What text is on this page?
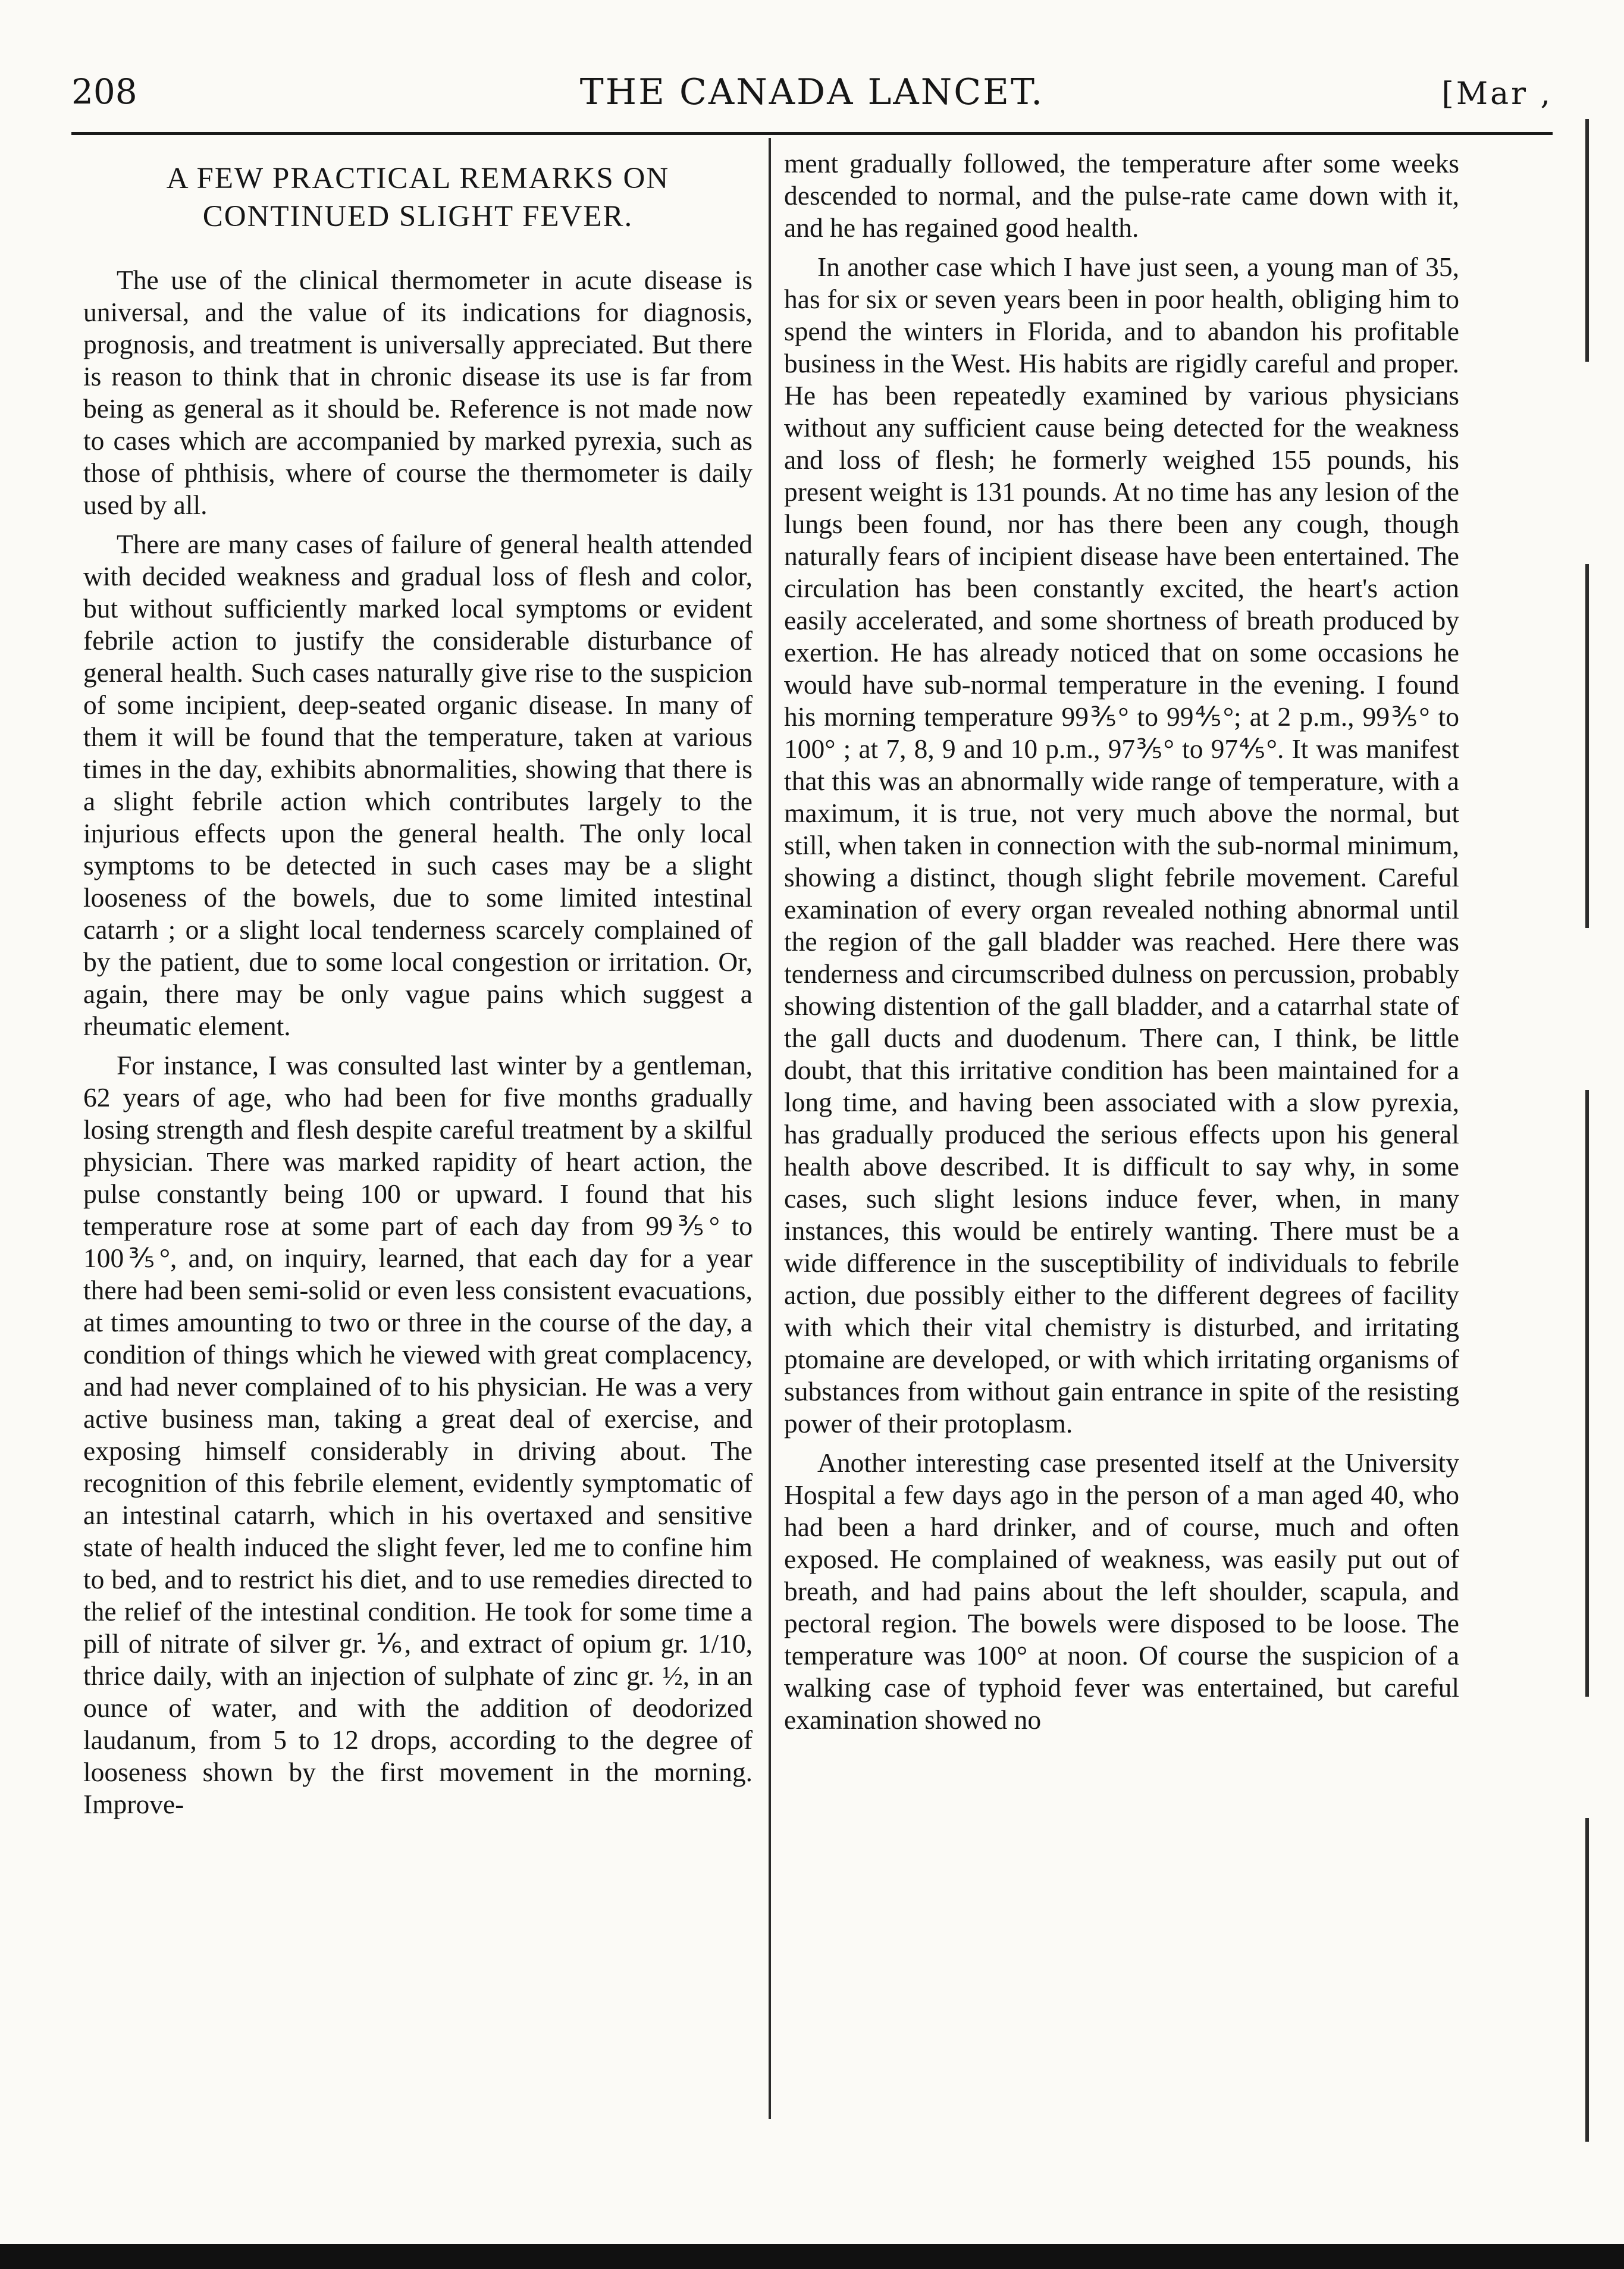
208	THE CANADA LANCET.	[Mar ,
A FEW PRACTICAL REMARKS ON CONTINUED SLIGHT FEVER.

The use of the clinical thermometer in acute disease is universal, and the value of its indications for diagnosis, prognosis, and treatment is universally appreciated. But there is reason to think that in chronic disease its use is far from being as general as it should be. Reference is not made now to cases which are accompanied by marked pyrexia, such as those of phthisis, where of course the thermometer is daily used by all.

There are many cases of failure of general health attended with decided weakness and gradual loss of flesh and color, but without sufficiently marked local symptoms or evident febrile action to justify the considerable disturbance of general health. Such cases naturally give rise to the suspicion of some incipient, deep-seated organic disease. In many of them it will be found that the temperature, taken at various times in the day, exhibits abnormalities, showing that there is a slight febrile action which contributes largely to the injurious effects upon the general health. The only local symptoms to be detected in such cases may be a slight looseness of the bowels, due to some limited intestinal catarrh ; or a slight local tenderness scarcely complained of by the patient, due to some local congestion or irritation. Or, again, there may be only vague pains which suggest a rheumatic element.

For instance, I was consulted last winter by a gentleman, 62 years of age, who had been for five months gradually losing strength and flesh despite careful treatment by a skilful physician. There was marked rapidity of heart action, the pulse constantly being 100 or upward. I found that his temperature rose at some part of each day from 99⅗° to 100⅗°, and, on inquiry, learned, that each day for a year there had been semi-solid or even less consistent evacuations, at times amounting to two or three in the course of the day, a condition of things which he viewed with great complacency, and had never complained of to his physician. He was a very active business man, taking a great deal of exercise, and exposing himself considerably in driving about. The recognition of this febrile element, evidently symptomatic of an intestinal catarrh, which in his overtaxed and sensitive state of health induced the slight fever, led me to confine him to bed, and to restrict his diet, and to use remedies directed to the relief of the intestinal condition. He took for some time a pill of nitrate of silver gr. ⅙, and extract of opium gr. 1/10, thrice daily, with an injection of sulphate of zinc gr. ½, in an ounce of water, and with the addition of deodorized laudanum, from 5 to 12 drops, according to the degree of looseness shown by the first movement in the morning. Improve-

ment gradually followed, the temperature after some weeks descended to normal, and the pulse-rate came down with it, and he has regained good health.

In another case which I have just seen, a young man of 35, has for six or seven years been in poor health, obliging him to spend the winters in Florida, and to abandon his profitable business in the West. His habits are rigidly careful and proper. He has been repeatedly examined by various physicians without any sufficient cause being detected for the weakness and loss of flesh; he formerly weighed 155 pounds, his present weight is 131 pounds. At no time has any lesion of the lungs been found, nor has there been any cough, though naturally fears of incipient disease have been entertained. The circulation has been constantly excited, the heart's action easily accelerated, and some shortness of breath produced by exertion. He has already noticed that on some occasions he would have sub-normal temperature in the evening. I found his morning temperature 99⅗° to 99⅘°; at 2 p.m., 99⅗° to 100° ; at 7, 8, 9 and 10 p.m., 97⅗° to 97⅘°. It was manifest that this was an abnormally wide range of temperature, with a maximum, it is true, not very much above the normal, but still, when taken in connection with the sub-normal minimum, showing a distinct, though slight febrile movement. Careful examination of every organ revealed nothing abnormal until the region of the gall bladder was reached. Here there was tenderness and circumscribed dulness on percussion, probably showing distention of the gall bladder, and a catarrhal state of the gall ducts and duodenum. There can, I think, be little doubt, that this irritative condition has been maintained for a long time, and having been associated with a slow pyrexia, has gradually produced the serious effects upon his general health above described. It is difficult to say why, in some cases, such slight lesions induce fever, when, in many instances, this would be entirely wanting. There must be a wide difference in the susceptibility of individuals to febrile action, due possibly either to the different degrees of facility with which their vital chemistry is disturbed, and irritating ptomaine are developed, or with which irritating organisms of substances from without gain entrance in spite of the resisting power of their protoplasm.

Another interesting case presented itself at the University Hospital a few days ago in the person of a man aged 40, who had been a hard drinker, and of course, much and often exposed. He complained of weakness, was easily put out of breath, and had pains about the left shoulder, scapula, and pectoral region. The bowels were disposed to be loose. The temperature was 100° at noon. Of course the suspicion of a walking case of typhoid fever was entertained, but careful examination showed no
